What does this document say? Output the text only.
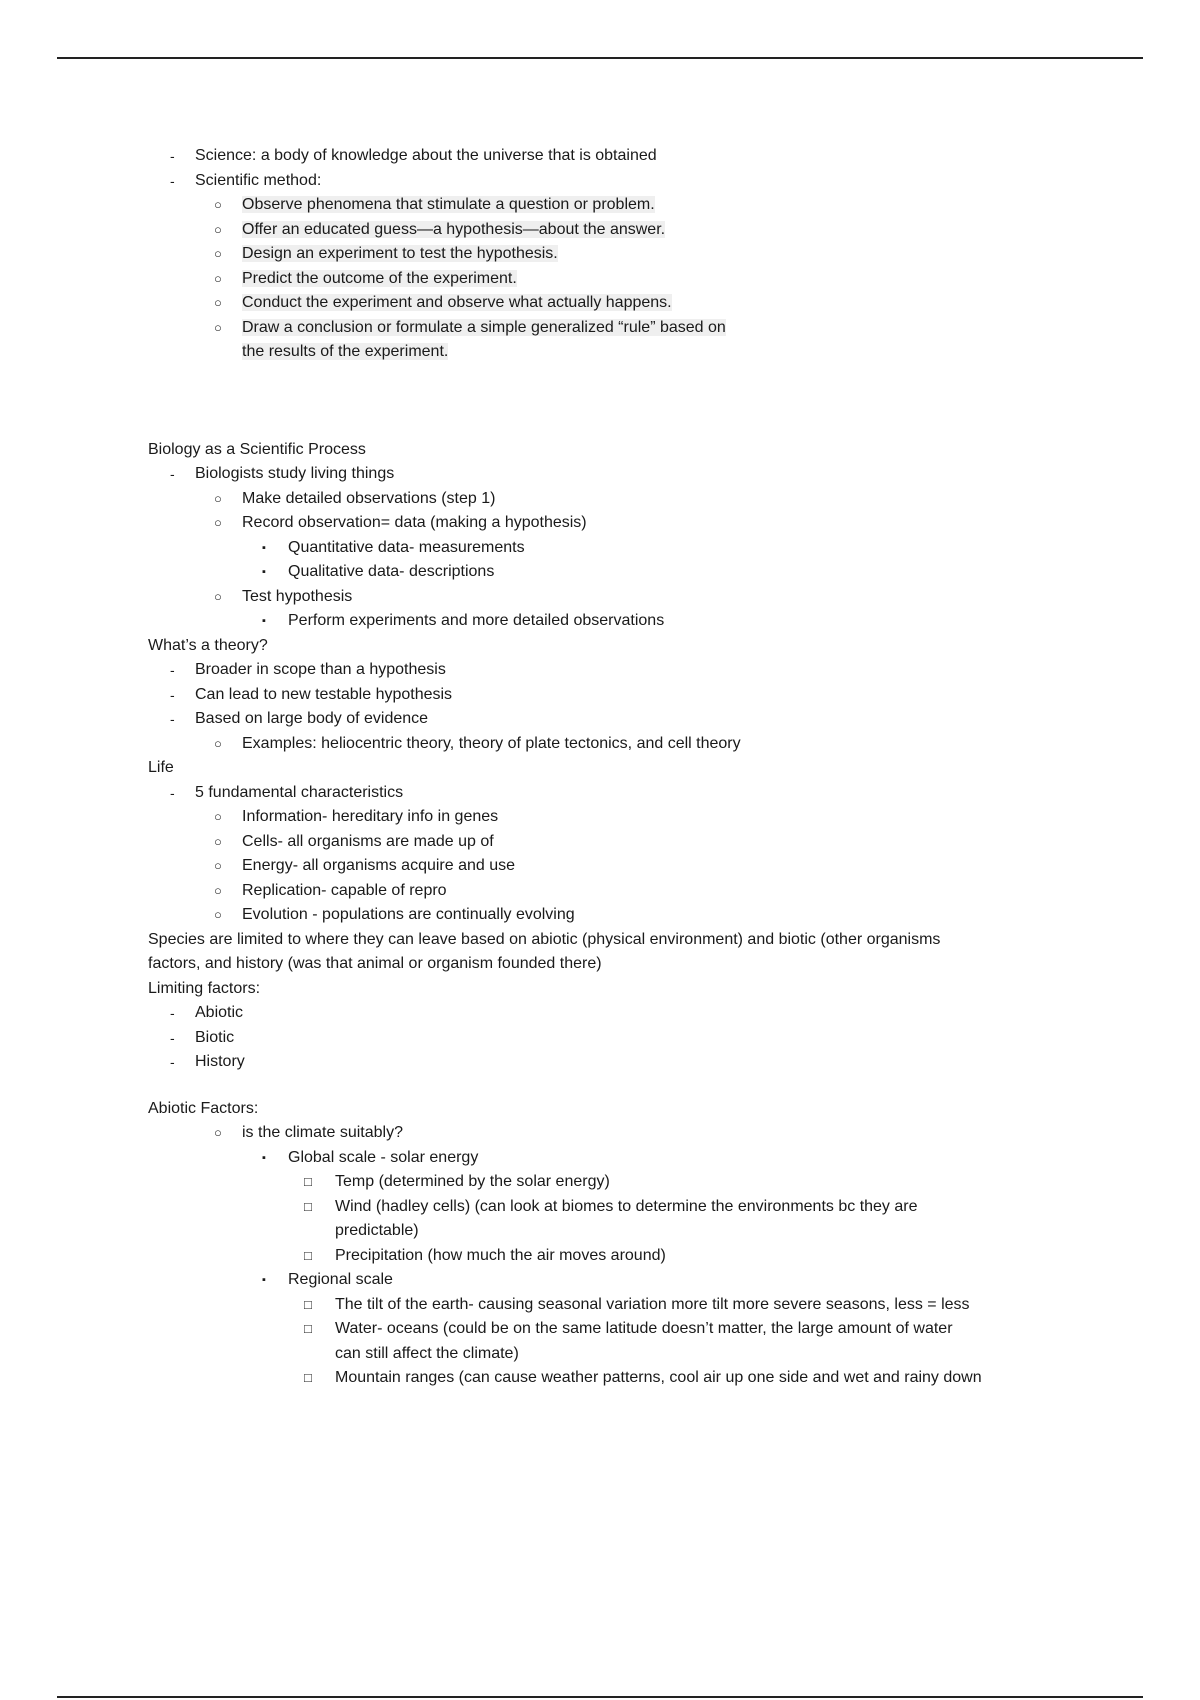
- Science: a body of knowledge about the universe that is obtained
- Scientific method:
○ Observe phenomena that stimulate a question or problem.
○ Offer an educated guess—a hypothesis—about the answer.
○ Design an experiment to test the hypothesis.
○ Predict the outcome of the experiment.
○ Conduct the experiment and observe what actually happens.
○ Draw a conclusion or formulate a simple generalized “rule” based on
the results of the experiment.
Biology as a Scientific Process
- Biologists study living things
○ Make detailed observations (step 1)
○ Record observation= data (making a hypothesis)
▪ Quantitative data- measurements
▪ Qualitative data- descriptions
○ Test hypothesis
▪ Perform experiments and more detailed observations
What’s a theory?
- Broader in scope than a hypothesis
- Can lead to new testable hypothesis
- Based on large body of evidence
○ Examples: heliocentric theory, theory of plate tectonics, and cell theory
Life
- 5 fundamental characteristics
○ Information- hereditary info in genes
○ Cells- all organisms are made up of
○ Energy- all organisms acquire and use
○ Replication- capable of repro
○ Evolution - populations are continually evolving
Species are limited to where they can leave based on abiotic (physical environment) and biotic (other organisms
factors, and history (was that animal or organism founded there)
Limiting factors:
- Abiotic
- Biotic
- History
Abiotic Factors:
○ is the climate suitably?
▪ Global scale - solar energy
□ Temp (determined by the solar energy)
□ Wind (hadley cells) (can look at biomes to determine the environments bc they are
predictable)
□ Precipitation (how much the air moves around)
▪ Regional scale
□ The tilt of the earth- causing seasonal variation more tilt more severe seasons, less = less
□ Water- oceans (could be on the same latitude doesn’t matter, the large amount of water
can still affect the climate)
□ Mountain ranges (can cause weather patterns, cool air up one side and wet and rainy down
